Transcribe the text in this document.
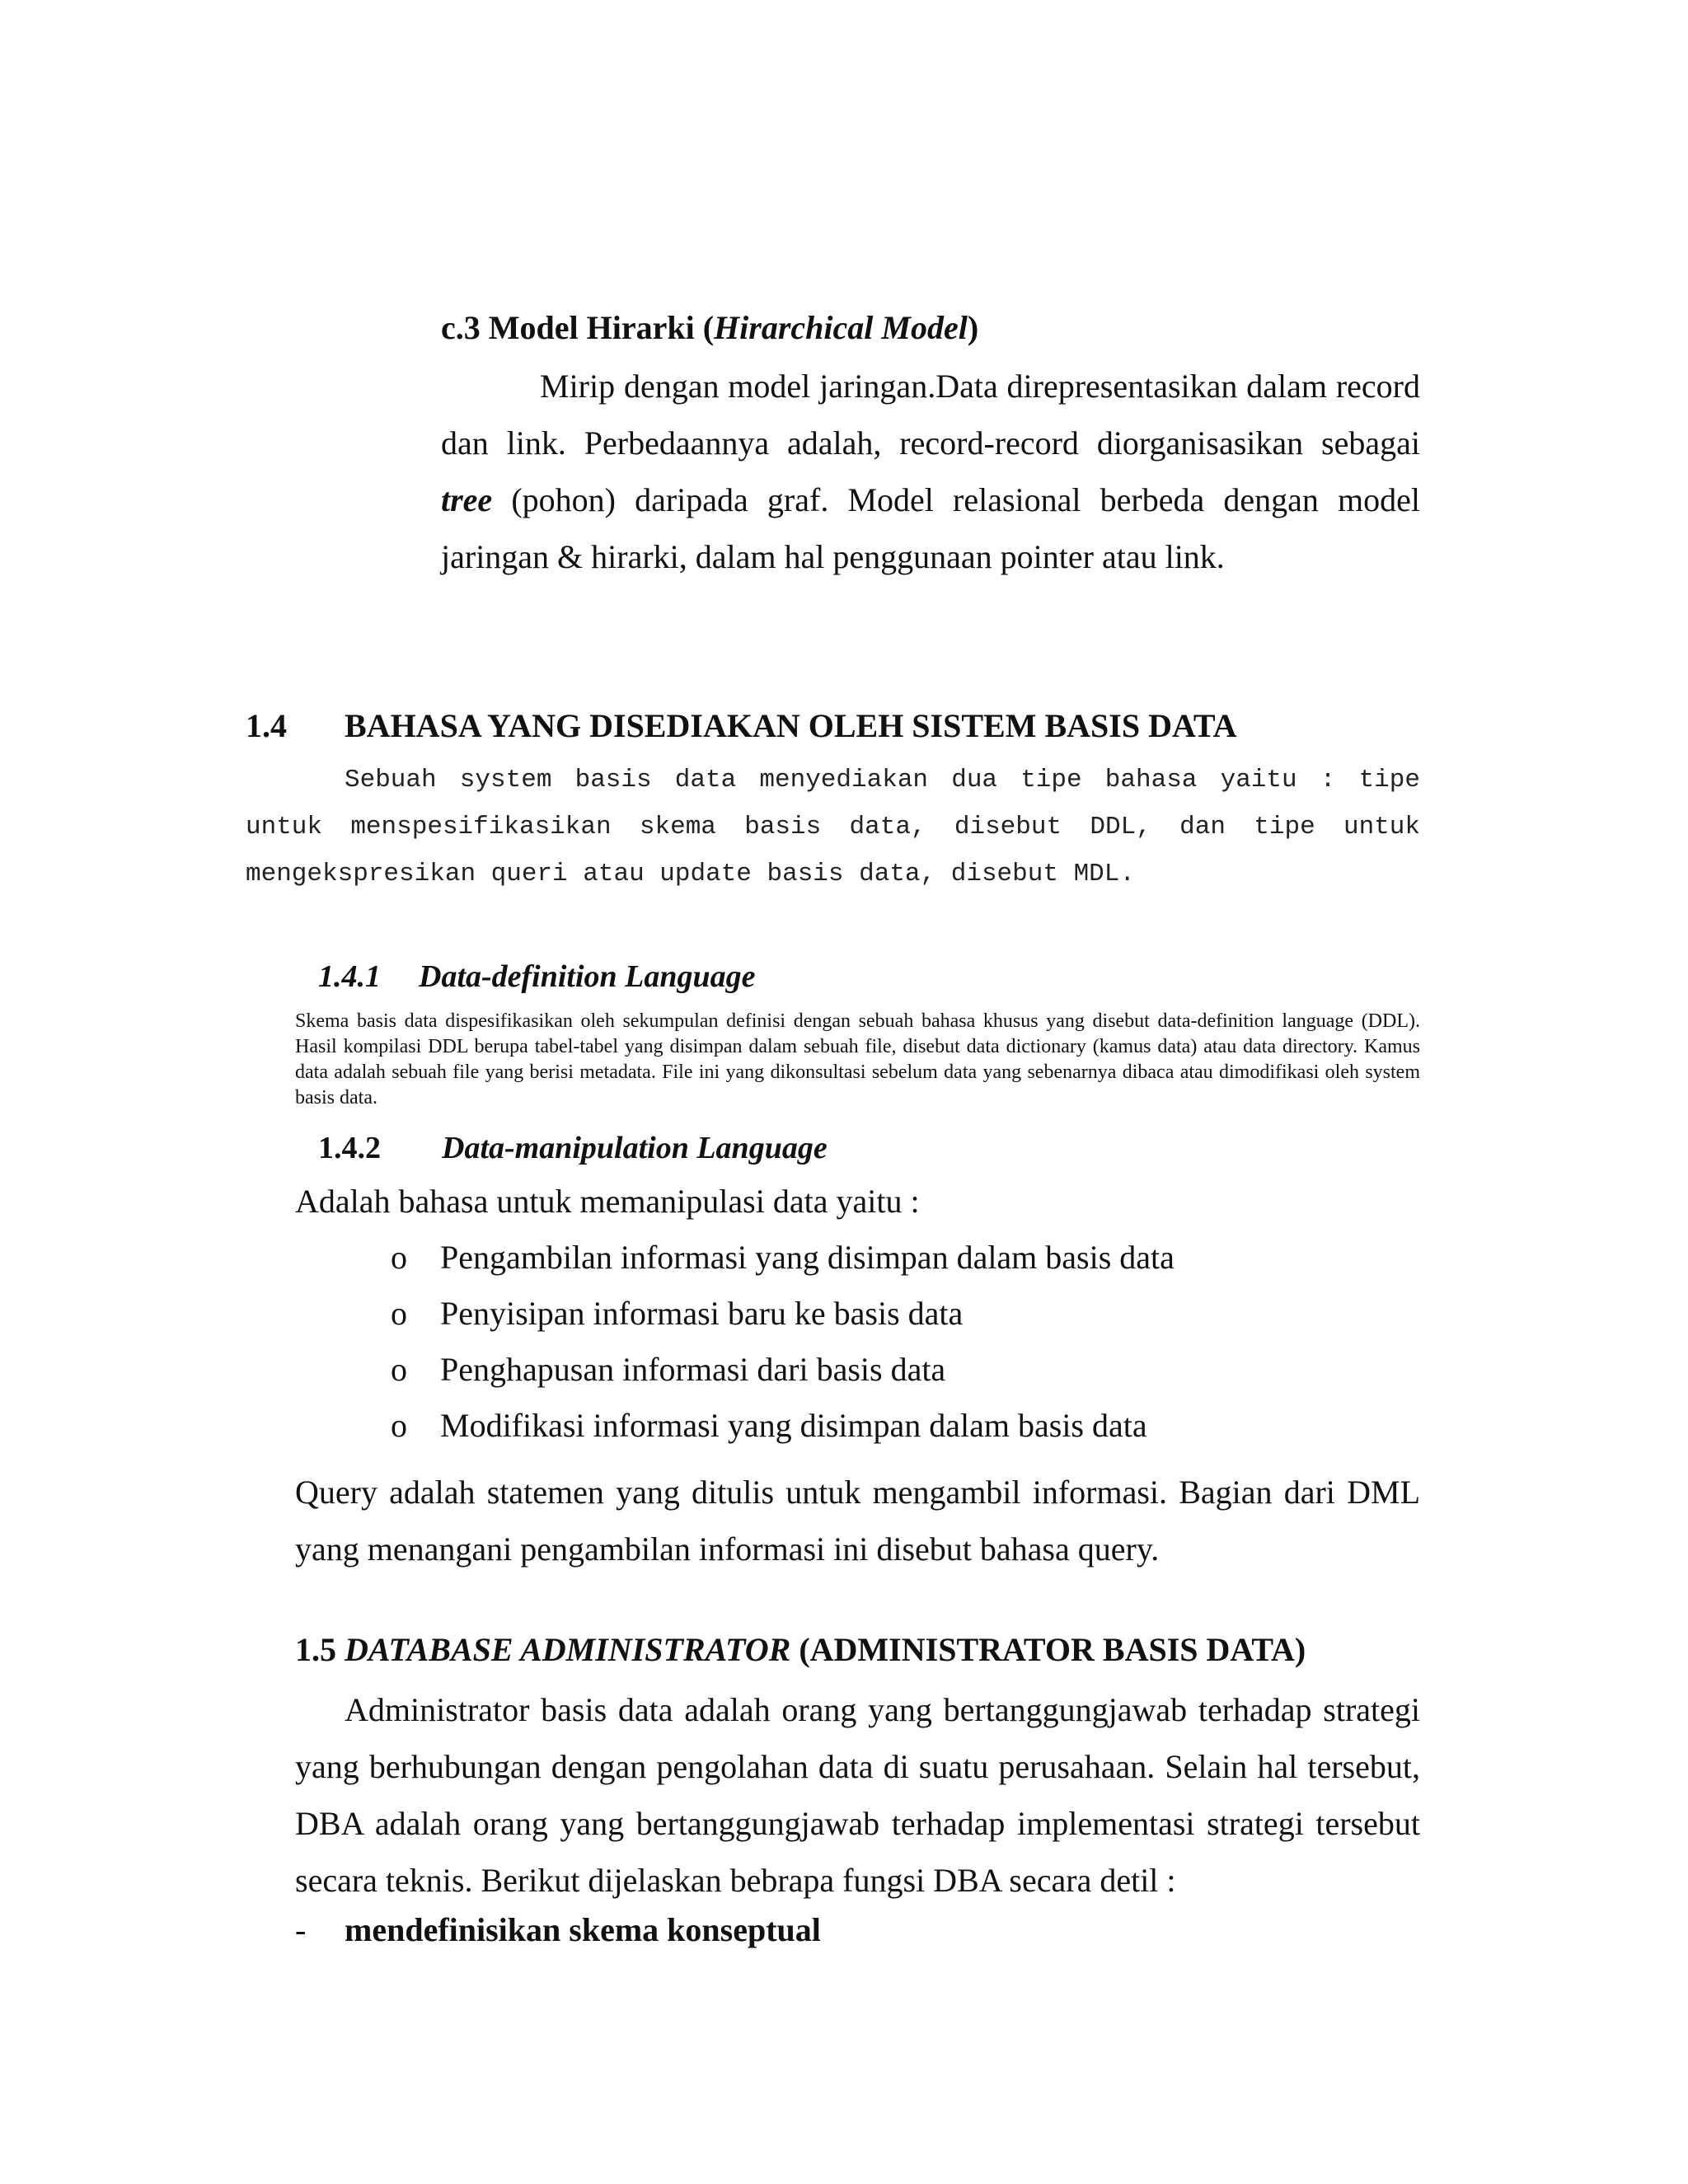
c.3 Model Hirarki (Hirarchical Model)

Mirip dengan model jaringan.Data direpresentasikan dalam record dan link. Perbedaannya adalah, record-record diorganisasikan sebagai tree (pohon) daripada graf. Model relasional berbeda dengan model jaringan & hirarki, dalam hal penggunaan pointer atau link.

1.4 BAHASA YANG DISEDIAKAN OLEH SISTEM BASIS DATA

Sebuah system basis data menyediakan dua tipe bahasa yaitu : tipe untuk menspesifikasikan skema basis data, disebut DDL, dan tipe untuk mengekspresikan queri atau update basis data, disebut MDL.

1.4.1 Data-definition Language

Skema basis data dispesifikasikan oleh sekumpulan definisi dengan sebuah bahasa khusus yang disebut data-definition language (DDL). Hasil kompilasi DDL berupa tabel-tabel yang disimpan dalam sebuah file, disebut data dictionary (kamus data) atau data directory. Kamus data adalah sebuah file yang berisi metadata. File ini yang dikonsultasi sebelum data yang sebenarnya dibaca atau dimodifikasi oleh system basis data.

1.4.2 Data-manipulation Language

Adalah bahasa untuk memanipulasi data yaitu :

o Pengambilan informasi yang disimpan dalam basis data
o Penyisipan informasi baru ke basis data
o Penghapusan informasi dari basis data
o Modifikasi informasi yang disimpan dalam basis data

Query adalah statemen yang ditulis untuk mengambil informasi. Bagian dari DML yang menangani pengambilan informasi ini disebut bahasa query.

1.5 DATABASE ADMINISTRATOR (ADMINISTRATOR BASIS DATA)

Administrator basis data adalah orang yang bertanggungjawab terhadap strategi yang berhubungan dengan pengolahan data di suatu perusahaan. Selain hal tersebut, DBA adalah orang yang bertanggungjawab terhadap implementasi strategi tersebut secara teknis. Berikut dijelaskan bebrapa fungsi DBA secara detil :

- mendefinisikan skema konseptual
